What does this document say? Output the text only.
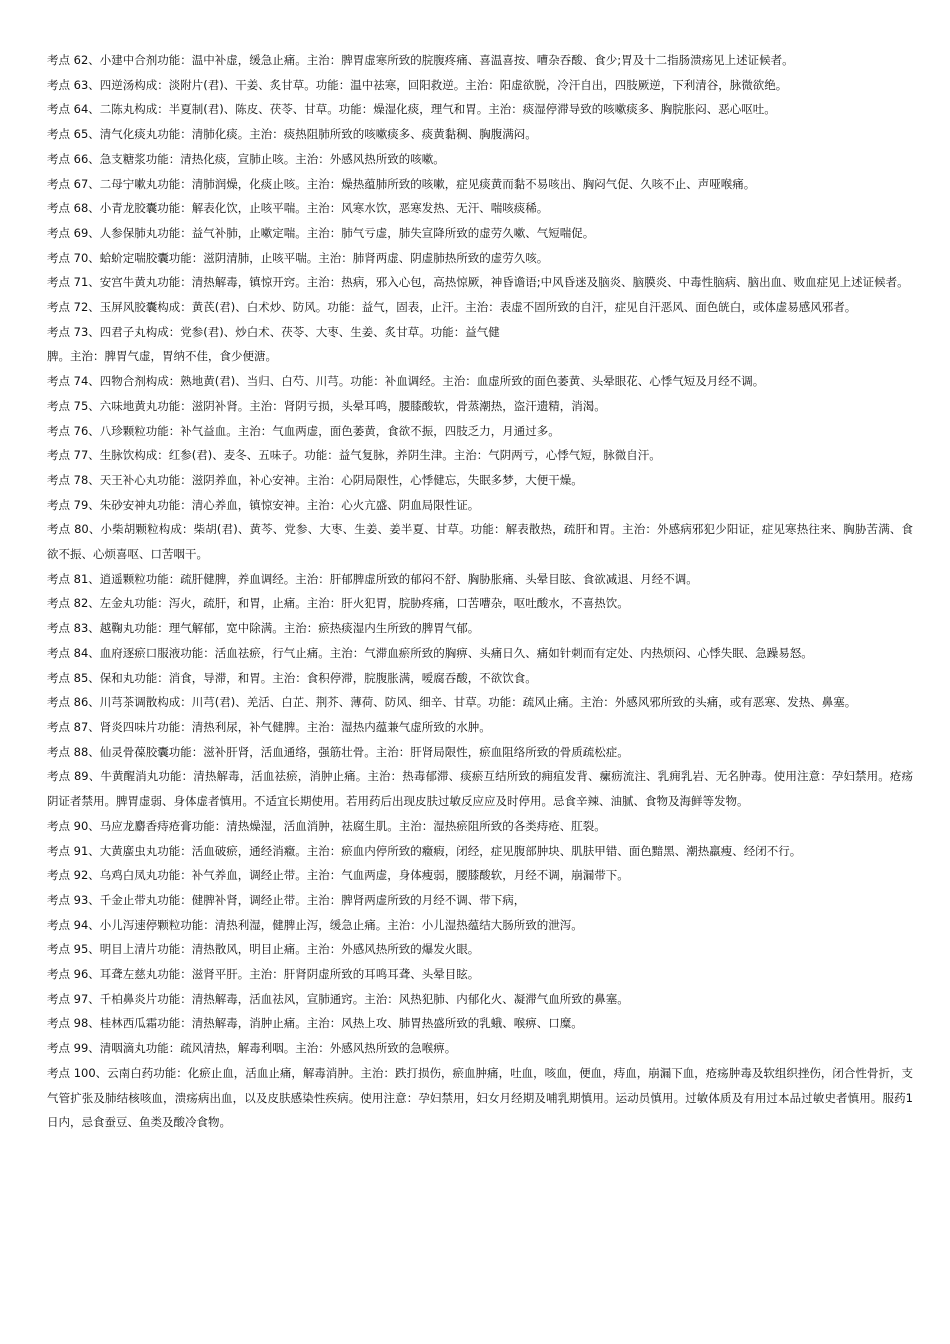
考点 62、小建中合剂功能：温中补虚，缓急止痛。主治：脾胃虚寒所致的脘腹疼痛、喜温喜按、嘈杂吞酸、食少;胃及十二指肠溃疡见上述证候者。

考点 63、四逆汤构成：淡附片(君)、干姜、炙甘草。功能：温中祛寒，回阳救逆。主治：阳虚欲脱，冷汗自出，四肢厥逆，下利清谷，脉微欲绝。

考点 64、二陈丸构成：半夏制(君)、陈皮、茯苓、甘草。功能：燥湿化痰，理气和胃。主治：痰湿停滞导致的咳嗽痰多、胸脘胀闷、恶心呕吐。

考点 65、清气化痰丸功能：清肺化痰。主治：痰热阻肺所致的咳嗽痰多、痰黄黏稠、胸腹满闷。

考点 66、急支糖浆功能：清热化痰，宣肺止咳。主治：外感风热所致的咳嗽。

考点 67、二母宁嗽丸功能：清肺润燥，化痰止咳。主治：燥热蕴肺所致的咳嗽，症见痰黄而黏不易咳出、胸闷气促、久咳不止、声哑喉痛。

考点 68、小青龙胶囊功能：解表化饮，止咳平喘。主治：风寒水饮，恶寒发热、无汗、喘咳痰稀。

考点 69、人参保肺丸功能：益气补肺，止嗽定喘。主治：肺气亏虚，肺失宣降所致的虚劳久嗽、气短喘促。

考点 70、蛤蚧定喘胶囊功能：滋阴清肺，止咳平喘。主治：肺肾两虚、阴虚肺热所致的虚劳久咳。

考点 71、安宫牛黄丸功能：清热解毒，镇惊开窍。主治：热病，邪入心包，高热惊厥，神昏谵语;中风昏迷及脑炎、脑膜炎、中毒性脑病、脑出血、败血症见上述证候者。

考点 72、玉屏风胶囊构成：黄芪(君)、白术炒、防风。功能：益气，固表，止汗。主治：表虚不固所致的自汗，症见自汗恶风、面色㿠白，或体虚易感风邪者。

考点 73、四君子丸构成：党参(君)、炒白术、茯苓、大枣、生姜、炙甘草。功能：益气健
脾。主治：脾胃气虚，胃纳不佳，食少便溏。

考点 74、四物合剂构成：熟地黄(君)、当归、白芍、川芎。功能：补血调经。主治：血虚所致的面色萎黄、头晕眼花、心悸气短及月经不调。

考点 75、六味地黄丸功能：滋阴补肾。主治：肾阴亏损，头晕耳鸣，腰膝酸软，骨蒸潮热，盗汗遗精，消渴。

考点 76、八珍颗粒功能：补气益血。主治：气血两虚，面色萎黄，食欲不振，四肢乏力，月通过多。

考点 77、生脉饮构成：红参(君)、麦冬、五味子。功能：益气复脉，养阴生津。主治：气阴两亏，心悸气短，脉微自汗。

考点 78、天王补心丸功能：滋阴养血，补心安神。主治：心阴局限性，心悸健忘，失眠多梦，大便干燥。

考点 79、朱砂安神丸功能：清心养血，镇惊安神。主治：心火亢盛、阴血局限性证。

考点 80、小柴胡颗粒构成：柴胡(君)、黄芩、党参、大枣、生姜、姜半夏、甘草。功能：解表散热，疏肝和胃。主治：外感病邪犯少阳证，症见寒热往来、胸胁苦满、食欲不振、心烦喜呕、口苦咽干。

考点 81、逍遥颗粒功能：疏肝健脾，养血调经。主治：肝郁脾虚所致的郁闷不舒、胸胁胀痛、头晕目眩、食欲减退、月经不调。

考点 82、左金丸功能：泻火，疏肝，和胃，止痛。主治：肝火犯胃，脘胁疼痛，口苦嘈杂，呕吐酸水，不喜热饮。

考点 83、越鞠丸功能：理气解郁，宽中除满。主治：瘀热痰湿内生所致的脾胃气郁。

考点 84、血府逐瘀口服液功能：活血祛瘀，行气止痛。主治：气滞血瘀所致的胸痹、头痛日久、痛如针刺而有定处、内热烦闷、心悸失眠、急躁易怒。

考点 85、保和丸功能：消食，导滞，和胃。主治：食积停滞，脘腹胀满，嗳腐吞酸，不欲饮食。

考点 86、川芎茶调散构成：川芎(君)、羌活、白芷、荆芥、薄荷、防风、细辛、甘草。功能：疏风止痛。主治：外感风邪所致的头痛，或有恶寒、发热、鼻塞。

考点 87、肾炎四味片功能：清热利尿，补气健脾。主治：湿热内蕴兼气虚所致的水肿。

考点 88、仙灵骨葆胶囊功能：滋补肝肾，活血通络，强筋壮骨。主治：肝肾局限性，瘀血阻络所致的骨质疏松症。

考点 89、牛黄醒消丸功能：清热解毒，活血祛瘀，消肿止痛。主治：热毒郁滞、痰瘀互结所致的痈疽发背、瘰疬流注、乳痈乳岩、无名肿毒。使用注意：孕妇禁用。疮疡阴证者禁用。脾胃虚弱、身体虚者慎用。不适宜长期使用。若用药后出现皮肤过敏反应应及时停用。忌食辛辣、油腻、食物及海鲜等发物。

考点 90、马应龙麝香痔疮膏功能：清热燥湿，活血消肿，祛腐生肌。主治：湿热瘀阻所致的各类痔疮、肛裂。

考点 91、大黄䗪虫丸功能：活血破瘀，通经消癥。主治：瘀血内停所致的癥瘕，闭经，症见腹部肿块、肌肤甲错、面色黯黑、潮热羸瘦、经闭不行。

考点 92、乌鸡白凤丸功能：补气养血，调经止带。主治：气血两虚，身体瘦弱，腰膝酸软，月经不调，崩漏带下。

考点 93、千金止带丸功能：健脾补肾，调经止带。主治：脾肾两虚所致的月经不调、带下病，

考点 94、小儿泻速停颗粒功能：清热利湿，健脾止泻，缓急止痛。主治：小儿湿热蕴结大肠所致的泄泻。

考点 95、明目上清片功能：清热散风，明目止痛。主治：外感风热所致的爆发火眼。

考点 96、耳聋左慈丸功能：滋肾平肝。主治：肝肾阴虚所致的耳鸣耳聋、头晕目眩。

考点 97、千柏鼻炎片功能：清热解毒，活血祛风，宣肺通窍。主治：风热犯肺、内郁化火、凝滞气血所致的鼻塞。

考点 98、桂林西瓜霜功能：清热解毒，消肿止痛。主治：风热上攻、肺胃热盛所致的乳蛾、喉痹、口糜。

考点 99、清咽滴丸功能：疏风清热，解毒利咽。主治：外感风热所致的急喉痹。

考点 100、云南白药功能：化瘀止血，活血止痛，解毒消肿。主治：跌打损伤，瘀血肿痛，吐血，咳血，便血，痔血，崩漏下血，疮疡肿毒及软组织挫伤，闭合性骨折，支气管扩张及肺结核咳血，溃疡病出血，以及皮肤感染性疾病。使用注意：孕妇禁用，妇女月经期及哺乳期慎用。运动员慎用。过敏体质及有用过本品过敏史者慎用。服药1日内，忌食蚕豆、鱼类及酸冷食物。
